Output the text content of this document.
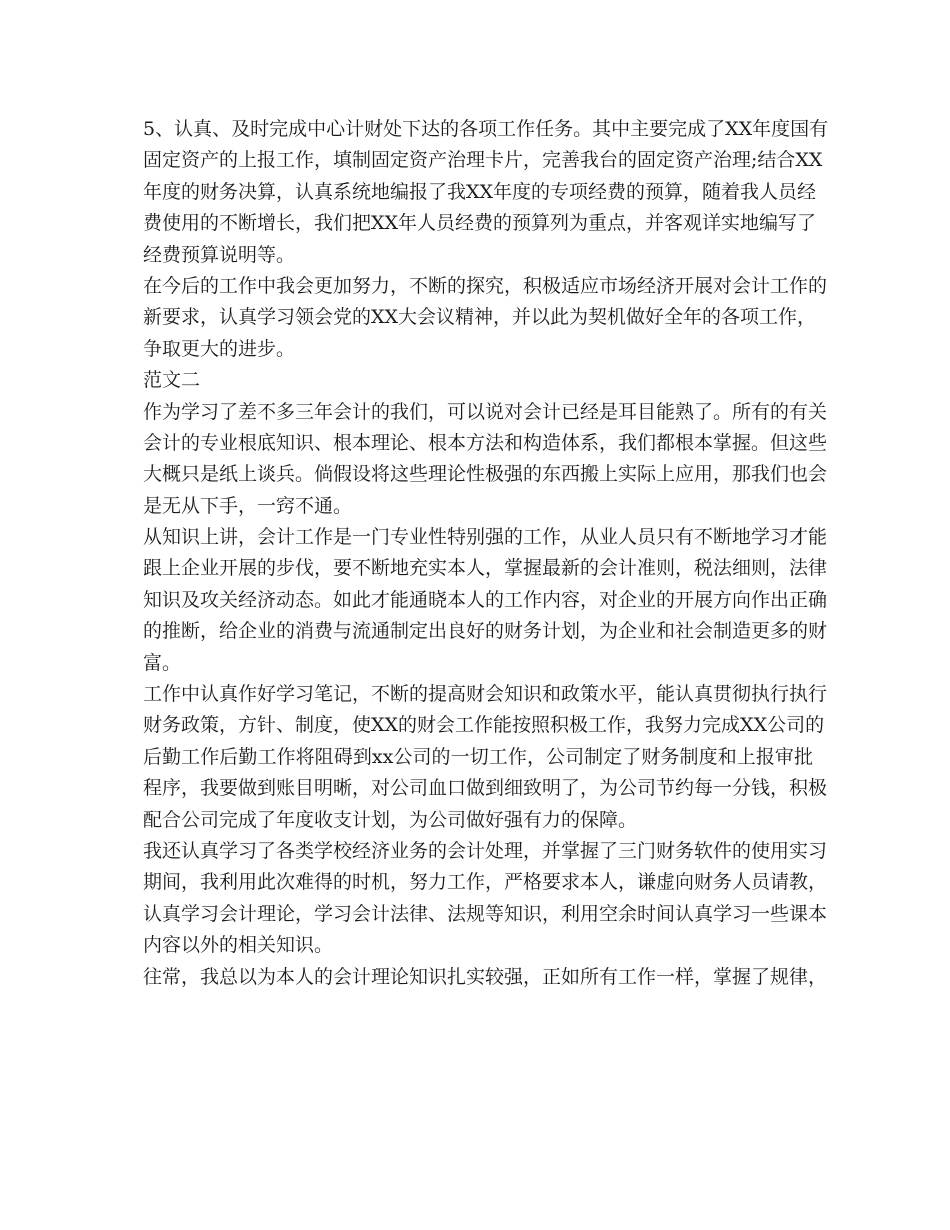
5、认真、及时完成中心计财处下达的各项工作任务。其中主要完成了XX年度国有
固定资产的上报工作，填制固定资产治理卡片，完善我台的固定资产治理;结合XX
年度的财务决算，认真系统地编报了我XX年度的专项经费的预算，随着我人员经
费使用的不断增长，我们把XX年人员经费的预算列为重点，并客观详实地编写了
经费预算说明等。
在今后的工作中我会更加努力，不断的探究，积极适应市场经济开展对会计工作的
新要求，认真学习领会党的XX大会议精神，并以此为契机做好全年的各项工作，
争取更大的进步。
范文二
作为学习了差不多三年会计的我们，可以说对会计已经是耳目能熟了。所有的有关
会计的专业根底知识、根本理论、根本方法和构造体系，我们都根本掌握。但这些
大概只是纸上谈兵。倘假设将这些理论性极强的东西搬上实际上应用，那我们也会
是无从下手，一窍不通。
从知识上讲，会计工作是一门专业性特别强的工作，从业人员只有不断地学习才能
跟上企业开展的步伐，要不断地充实本人，掌握最新的会计准则，税法细则，法律
知识及攻关经济动态。如此才能通晓本人的工作内容，对企业的开展方向作出正确
的推断，给企业的消费与流通制定出良好的财务计划，为企业和社会制造更多的财
富。
工作中认真作好学习笔记，不断的提高财会知识和政策水平，能认真贯彻执行执行
财务政策，方针、制度，使XX的财会工作能按照积极工作，我努力完成XX公司的
后勤工作后勤工作将阻碍到xx公司的一切工作，公司制定了财务制度和上报审批
程序，我要做到账目明晰，对公司血口做到细致明了，为公司节约每一分钱，积极
配合公司完成了年度收支计划，为公司做好强有力的保障。
我还认真学习了各类学校经济业务的会计处理，并掌握了三门财务软件的使用实习
期间，我利用此次难得的时机，努力工作，严格要求本人，谦虚向财务人员请教，
认真学习会计理论，学习会计法律、法规等知识，利用空余时间认真学习一些课本
内容以外的相关知识。
往常，我总以为本人的会计理论知识扎实较强，正如所有工作一样，掌握了规律，
